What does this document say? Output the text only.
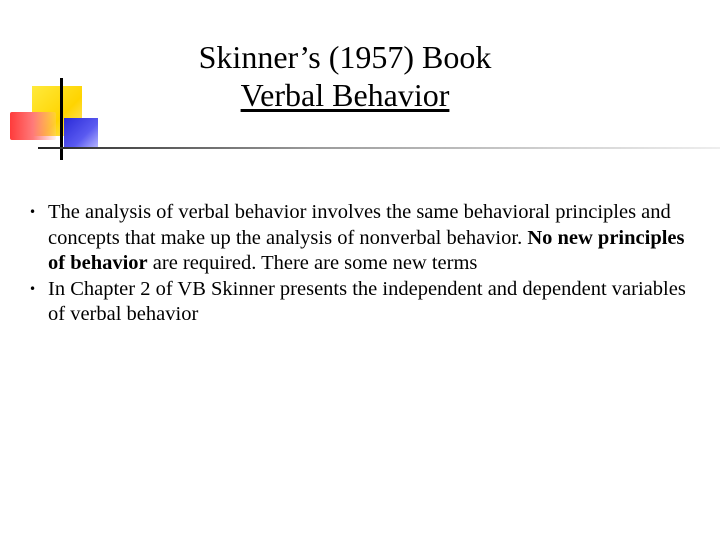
Skinner’s (1957) Book
Verbal Behavior
• The analysis of verbal behavior involves the same behavioral principles and concepts that make up the analysis of nonverbal behavior. No new principles of behavior are required. There are some new terms
• In Chapter 2 of VB Skinner presents the independent and dependent variables of verbal behavior
